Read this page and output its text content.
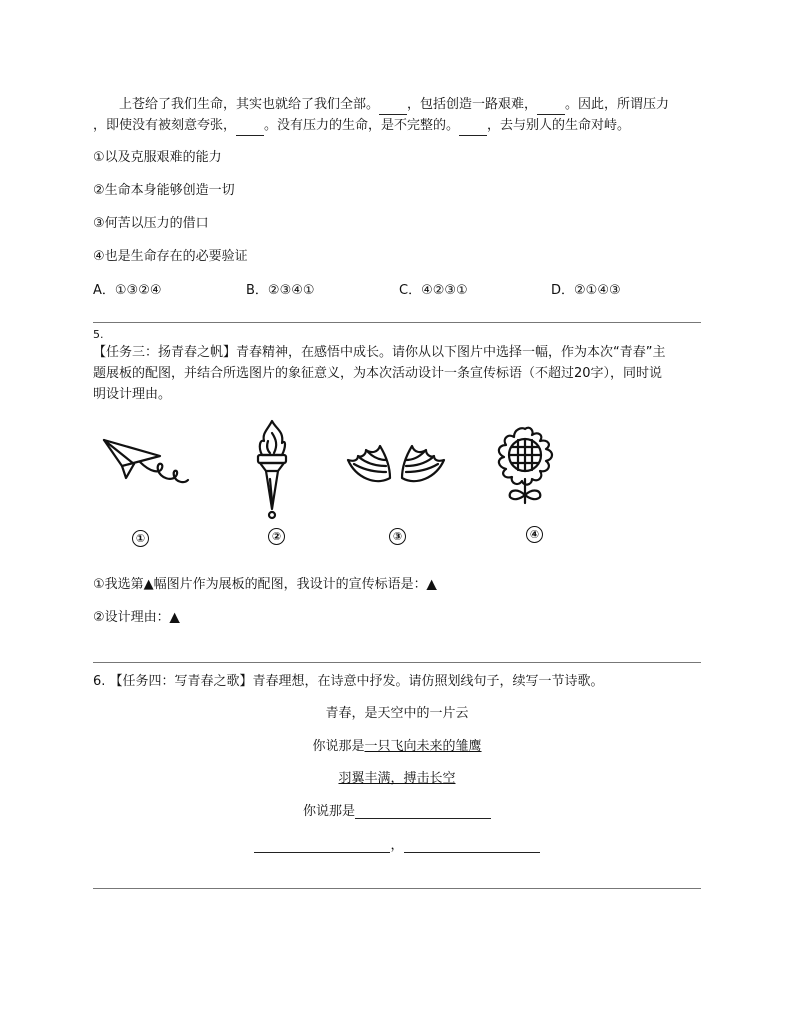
上苍给了我们生命，其实也就给了我们全部。 ，包括创造一路艰难， 。因此，所谓压力
，即使没有被刻意夸张， 。没有压力的生命，是不完整的。 ，去与别人的生命对峙。
①以及克服艰难的能力
②生命本身能够创造一切
③何苦以压力的借口
④也是生命存在的必要验证
A．①③②④	B．②③④①	C．④②③①	D．②①④③
5.
【任务三：扬青春之帆】青春精神，在感悟中成长。请你从以下图片中选择一幅，作为本次“青春”主
题展板的配图，并结合所选图片的象征意义，为本次活动设计一条宣传标语（不超过20字），同时说
明设计理由。
①	②	③	④
①我选第▲幅图片作为展板的配图，我设计的宣传标语是：▲
②设计理由：▲
6. 【任务四：写青春之歌】青春理想，在诗意中抒发。请仿照划线句子，续写一节诗歌。
青春，是天空中的一片云
你说那是一只飞向未来的雏鹰
羽翼丰满，搏击长空
你说那是
，
